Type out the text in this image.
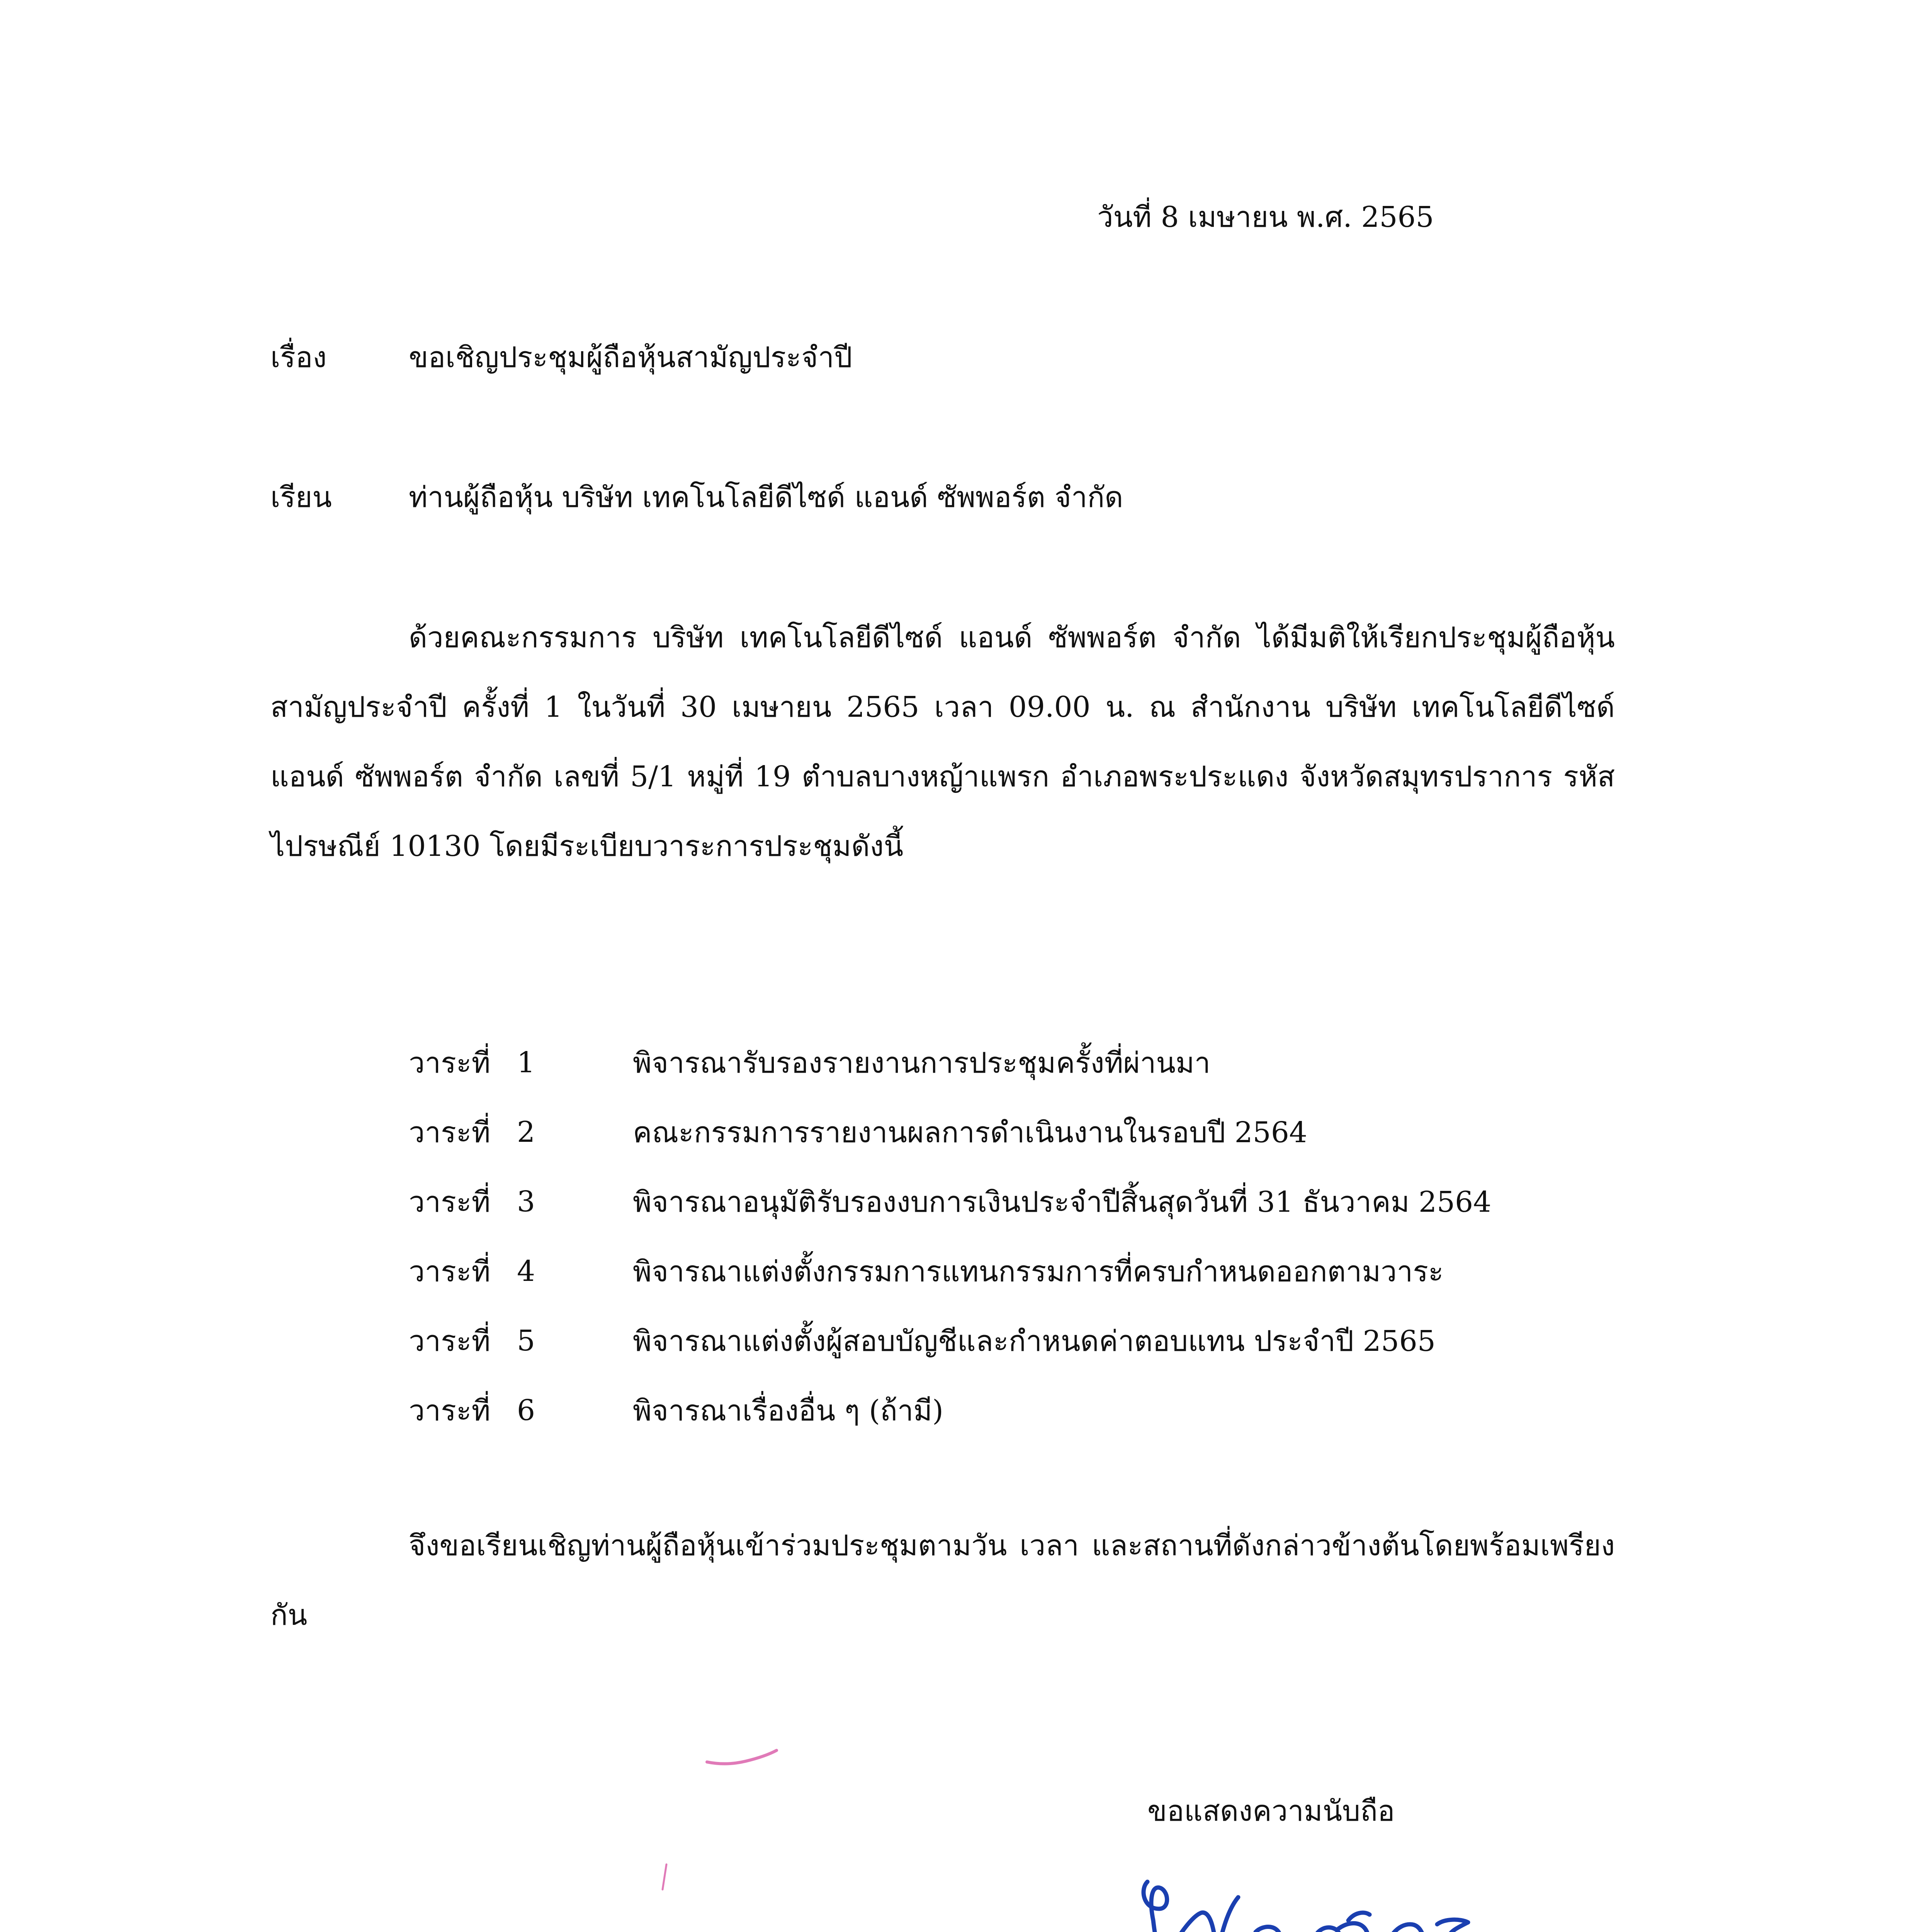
วันที่ 8 เมษายน พ.ศ. 2565
เรื่อง	ขอเชิญประชุมผู้ถือหุ้นสามัญประจำปี
เรียน	ท่านผู้ถือหุ้น บริษัท เทคโนโลยีดีไซด์ แอนด์ ซัพพอร์ต จำกัด
ด้วยคณะกรรมการ บริษัท เทคโนโลยีดีไซด์ แอนด์ ซัพพอร์ต จำกัด ได้มีมติให้เรียกประชุมผู้ถือหุ้นสามัญประจำปี ครั้งที่ 1 ในวันที่ 30 เมษายน 2565 เวลา 09.00 น. ณ สำนักงาน บริษัท เทคโนโลยีดีไซด์ แอนด์ ซัพพอร์ต จำกัด เลขที่ 5/1 หมู่ที่ 19 ตำบลบางหญ้าแพรก อำเภอพระประแดง จังหวัดสมุทรปราการ รหัสไปรษณีย์ 10130 โดยมีระเบียบวาระการประชุมดังนี้
วาระที่ 1	พิจารณารับรองรายงานการประชุมครั้งที่ผ่านมา
วาระที่ 2	คณะกรรมการรายงานผลการดำเนินงานในรอบปี 2564
วาระที่ 3	พิจารณาอนุมัติรับรองงบการเงินประจำปีสิ้นสุดวันที่ 31 ธันวาคม 2564
วาระที่ 4	พิจารณาแต่งตั้งกรรมการแทนกรรมการที่ครบกำหนดออกตามวาระ
วาระที่ 5	พิจารณาแต่งตั้งผู้สอบบัญชีและกำหนดค่าตอบแทน ประจำปี 2565
วาระที่ 6	พิจารณาเรื่องอื่น ๆ (ถ้ามี)
จึงขอเรียนเชิญท่านผู้ถือหุ้นเข้าร่วมประชุมตามวัน เวลา และสถานที่ดังกล่าวข้างต้นโดยพร้อมเพรียงกัน
ขอแสดงความนับถือ
